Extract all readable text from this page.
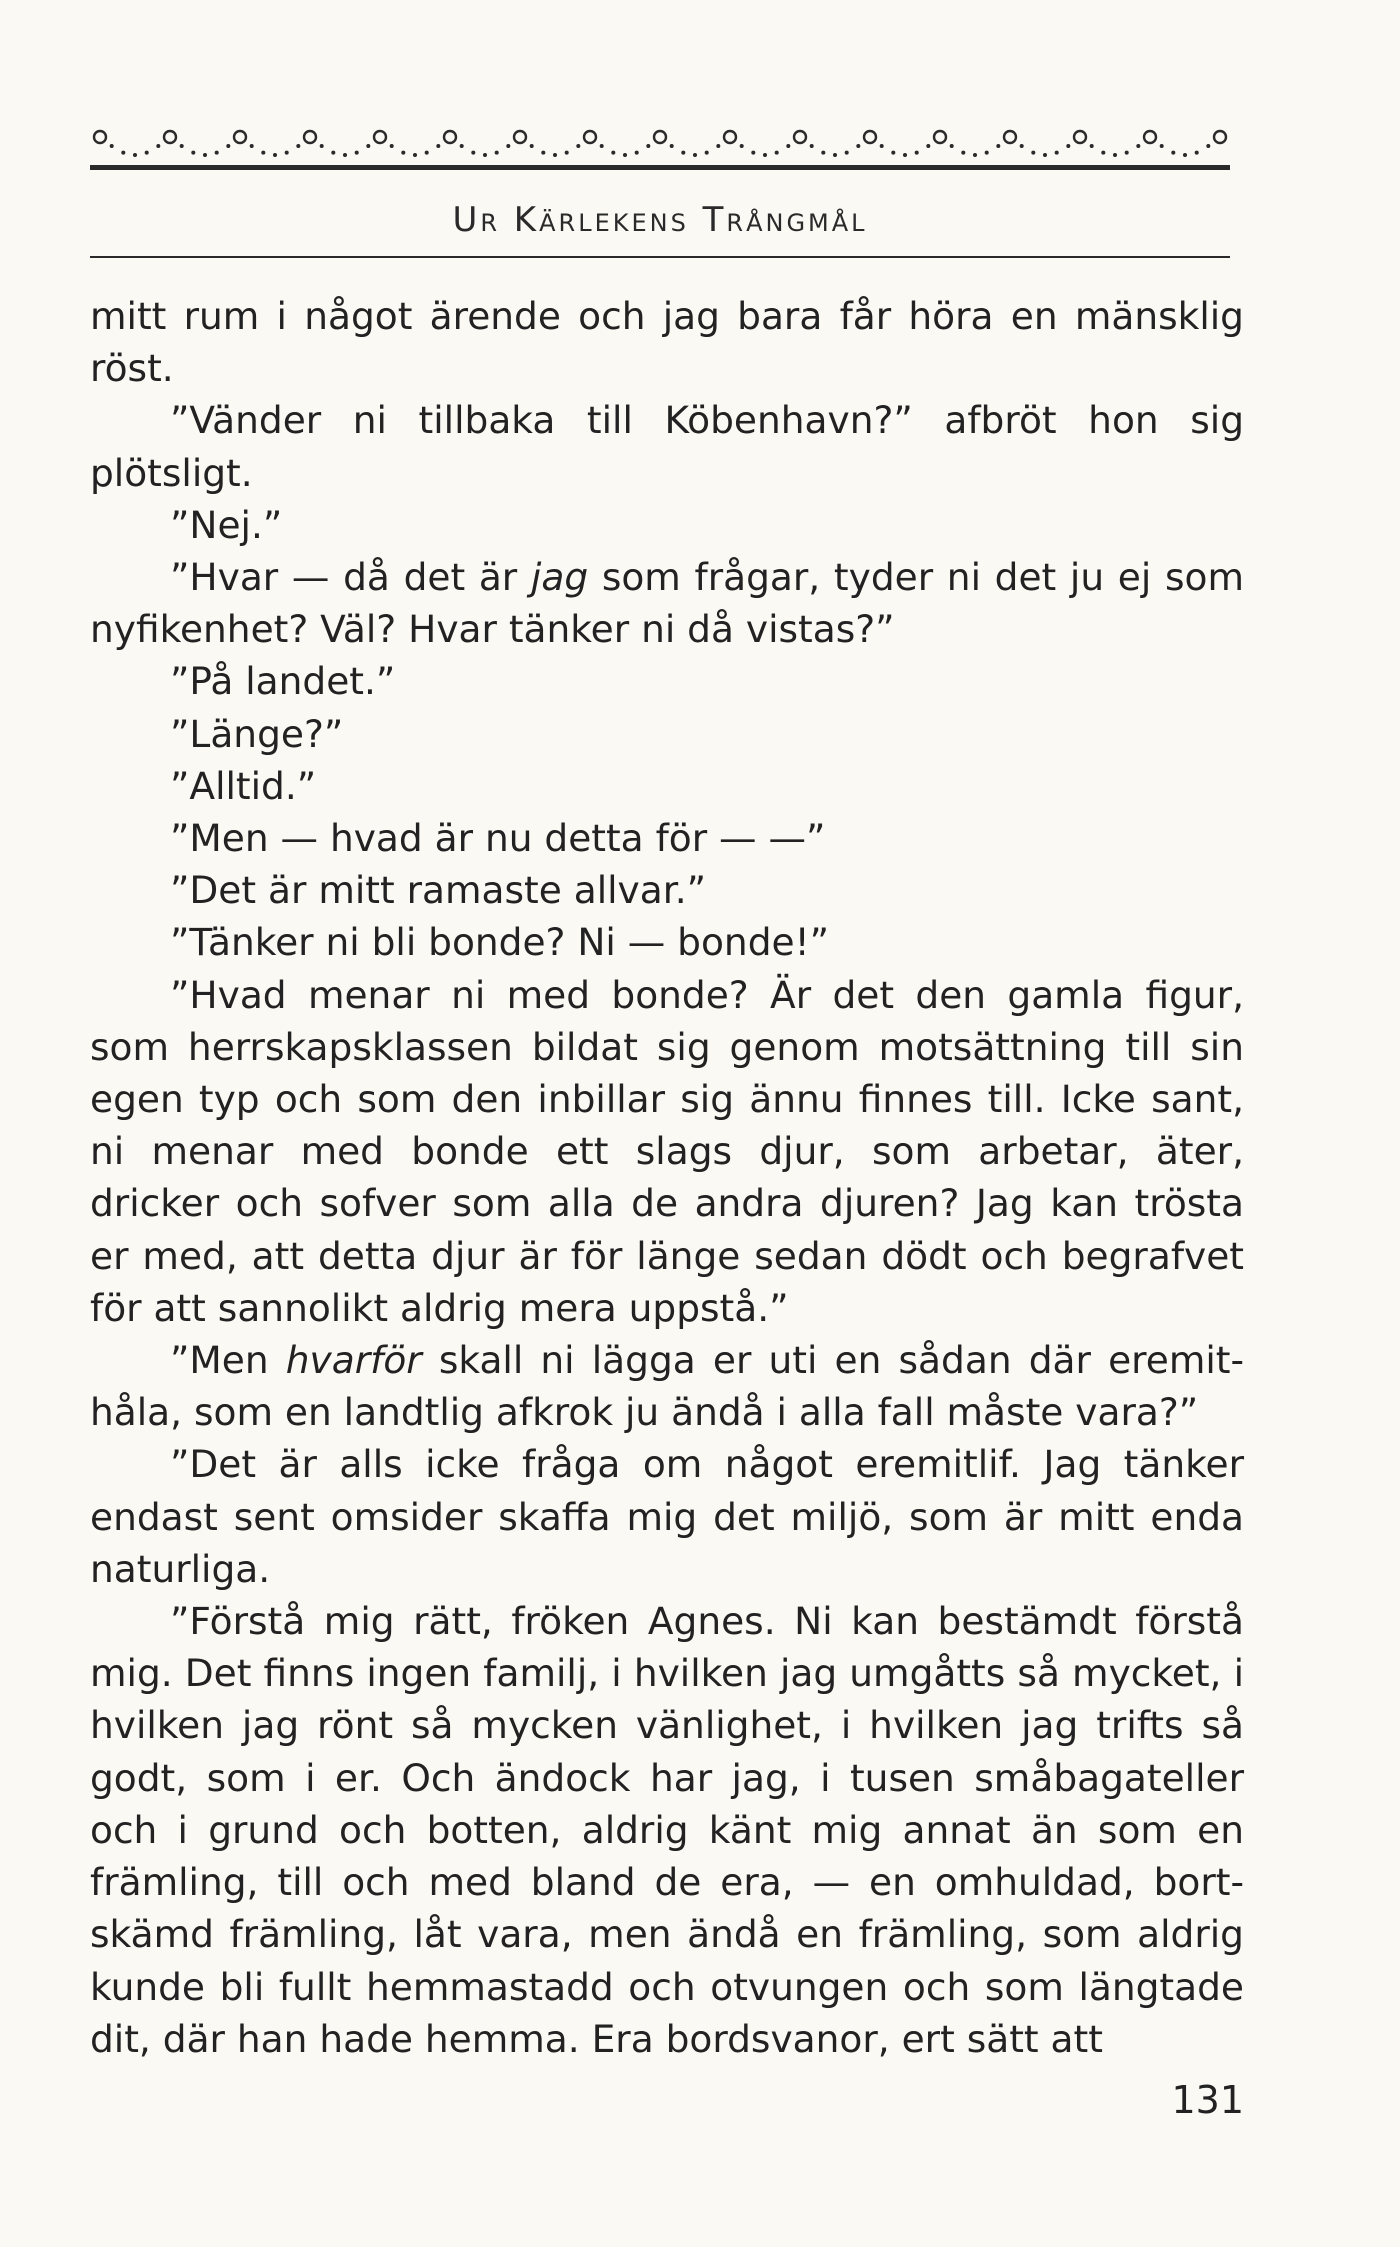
Ur Kärlekens Trångmål

mitt rum i något ärende och jag bara får höra en mänsklig röst.

”Vänder ni tillbaka till Köbenhavn?” afbröt hon sig plötsligt.

”Nej.”

”Hvar — då det är jag som frågar, tyder ni det ju ej som nyfikenhet? Väl? Hvar tänker ni då vistas?”

”På landet.”

”Länge?”

”Alltid.”

”Men — hvad är nu detta för — —”

”Det är mitt ramaste allvar.”

”Tänker ni bli bonde? Ni — bonde!”

”Hvad menar ni med bonde? Är det den gamla figur, som herrskapsklassen bildat sig genom motsättning till sin egen typ och som den inbillar sig ännu finnes till. Icke sant, ni menar med bonde ett slags djur, som arbetar, äter, dricker och sofver som alla de andra djuren? Jag kan trösta er med, att detta djur är för länge sedan dödt och begrafvet för att sannolikt aldrig mera uppstå.”

”Men hvarför skall ni lägga er uti en sådan där eremit-håla, som en landtlig afkrok ju ändå i alla fall måste vara?”

”Det är alls icke fråga om något eremitlif. Jag tänker endast sent omsider skaffa mig det miljö, som är mitt enda naturliga.

”Förstå mig rätt, fröken Agnes. Ni kan bestämdt förstå mig. Det finns ingen familj, i hvilken jag umgåtts så mycket, i hvilken jag rönt så mycken vänlighet, i hvilken jag trifts så godt, som i er. Och ändock har jag, i tusen småbagateller och i grund och botten, aldrig känt mig annat än som en främling, till och med bland de era, — en omhuldad, bort-skämd främling, låt vara, men ändå en främling, som aldrig kunde bli fullt hemmastadd och otvungen och som längtade dit, där han hade hemma. Era bordsvanor, ert sätt att

131
